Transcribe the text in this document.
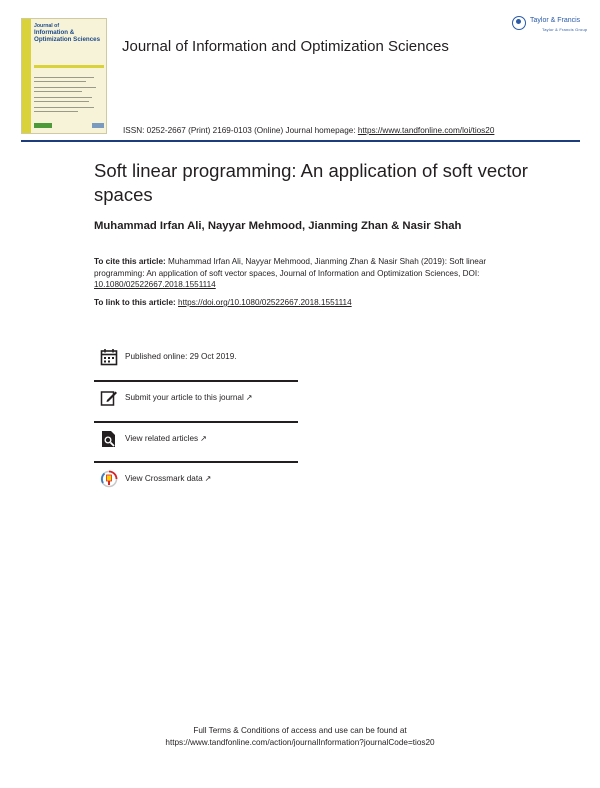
Journal of
Information &
Optimization Sciences
Taylor & Francis
Taylor & Francis Group
Journal of Information and Optimization Sciences
ISSN: 0252-2667 (Print) 2169-0103 (Online) Journal homepage: https://www.tandfonline.com/loi/tios20
Soft linear programming: An application of soft vector spaces
Muhammad Irfan Ali, Nayyar Mehmood, Jianming Zhan & Nasir Shah
To cite this article: Muhammad Irfan Ali, Nayyar Mehmood, Jianming Zhan & Nasir Shah (2019): Soft linear programming: An application of soft vector spaces, Journal of Information and Optimization Sciences, DOI: 10.1080/02522667.2018.1551114
To link to this article: https://doi.org/10.1080/02522667.2018.1551114
Published online: 29 Oct 2019.
Submit your article to this journal ↗
View related articles ↗
View Crossmark data ↗
Full Terms & Conditions of access and use can be found at
https://www.tandfonline.com/action/journalInformation?journalCode=tios20
